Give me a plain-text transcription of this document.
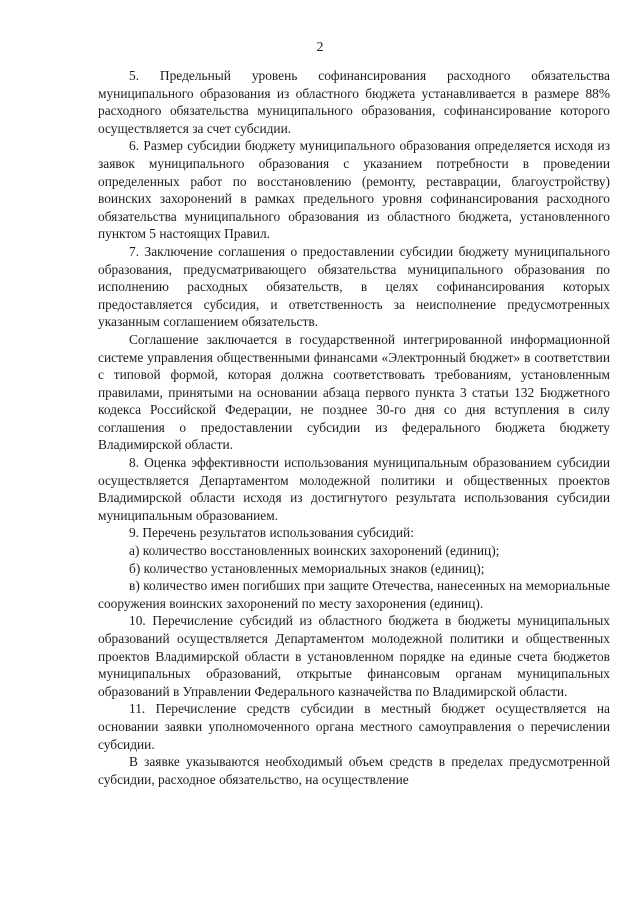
2

5. Предельный уровень софинансирования расходного обязательства муниципального образования из областного бюджета устанавливается в размере 88% расходного обязательства муниципального образования, софинансирование которого осуществляется за счет субсидии.

6. Размер субсидии бюджету муниципального образования определяется исходя из заявок муниципального образования с указанием потребности в проведении определенных работ по восстановлению (ремонту, реставрации, благоустройству) воинских захоронений в рамках предельного уровня софинансирования расходного обязательства муниципального образования из областного бюджета, установленного пунктом 5 настоящих Правил.

7. Заключение соглашения о предоставлении субсидии бюджету муниципального образования, предусматривающего обязательства муниципального образования по исполнению расходных обязательств, в целях софинансирования которых предоставляется субсидия, и ответственность за неисполнение предусмотренных указанным соглашением обязательств.

Соглашение заключается в государственной интегрированной информационной системе управления общественными финансами «Электронный бюджет» в соответствии с типовой формой, которая должна соответствовать требованиям, установленным правилами, принятыми на основании абзаца первого пункта 3 статьи 132 Бюджетного кодекса Российской Федерации, не позднее 30-го дня со дня вступления в силу соглашения о предоставлении субсидии из федерального бюджета бюджету Владимирской области.

8. Оценка эффективности использования муниципальным образованием субсидии осуществляется Департаментом молодежной политики и общественных проектов Владимирской области исходя из достигнутого результата использования субсидии муниципальным образованием.

9. Перечень результатов использования субсидий:

а) количество восстановленных воинских захоронений (единиц);

б) количество установленных мемориальных знаков (единиц);

в) количество имен погибших при защите Отечества, нанесенных на мемориальные сооружения воинских захоронений по месту захоронения (единиц).

10. Перечисление субсидий из областного бюджета в бюджеты муниципальных образований осуществляется Департаментом молодежной политики и общественных проектов Владимирской области в установленном порядке на единые счета бюджетов муниципальных образований, открытые финансовым органам муниципальных образований в Управлении Федерального казначейства по Владимирской области.

11. Перечисление средств субсидии в местный бюджет осуществляется на основании заявки уполномоченного органа местного самоуправления о перечислении субсидии.

В заявке указываются необходимый объем средств в пределах предусмотренной субсидии, расходное обязательство, на осуществление
